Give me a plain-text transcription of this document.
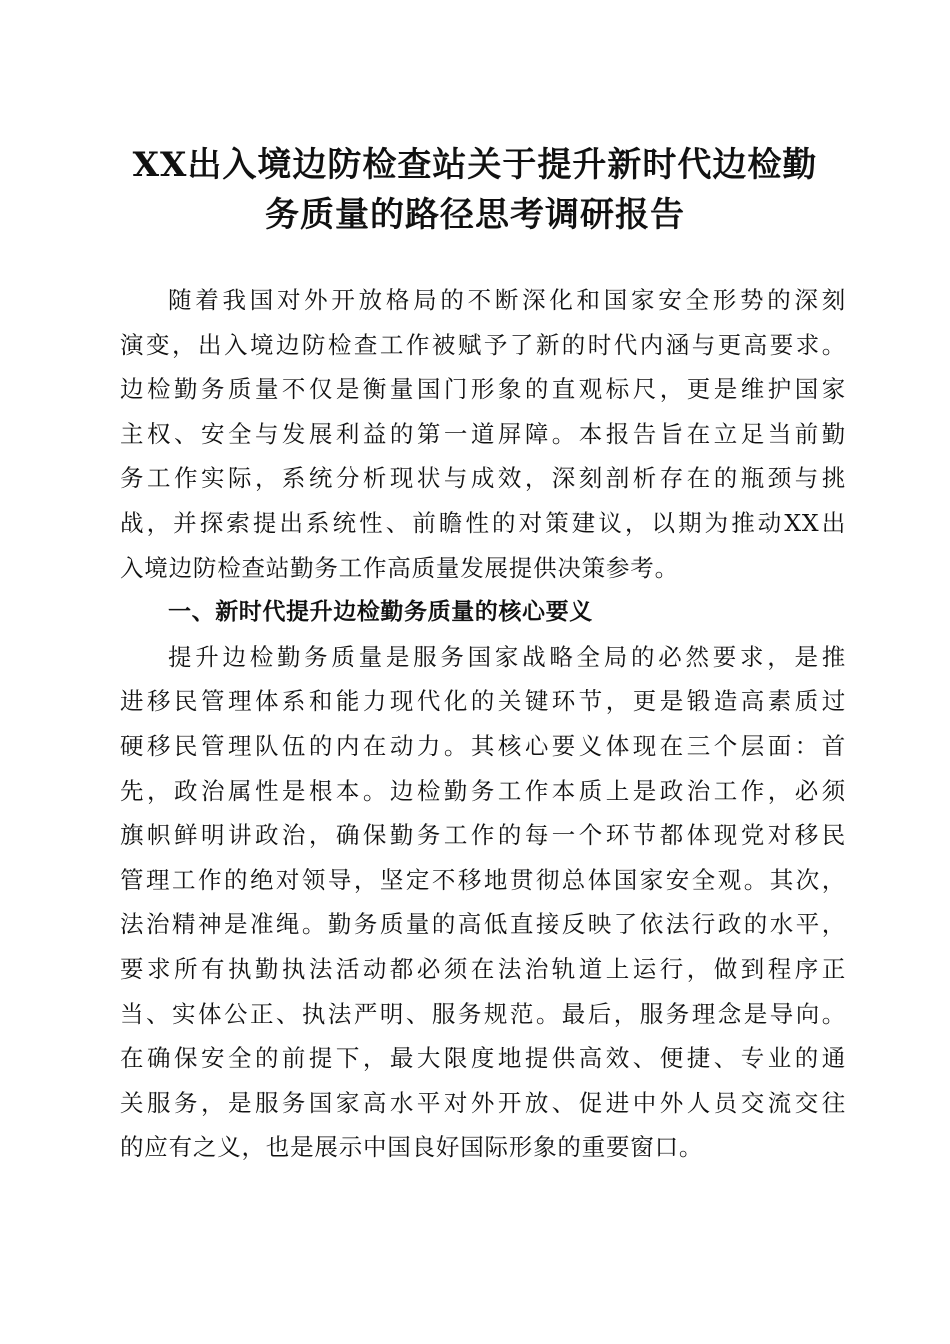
XX出入境边防检查站关于提升新时代边检勤
务质量的路径思考调研报告

随着我国对外开放格局的不断深化和国家安全形势的深刻
演变，出入境边防检查工作被赋予了新的时代内涵与更高要求。
边检勤务质量不仅是衡量国门形象的直观标尺，更是维护国家
主权、安全与发展利益的第一道屏障。本报告旨在立足当前勤
务工作实际，系统分析现状与成效，深刻剖析存在的瓶颈与挑
战，并探索提出系统性、前瞻性的对策建议，以期为推动XX出
入境边防检查站勤务工作高质量发展提供决策参考。

一、新时代提升边检勤务质量的核心要义

提升边检勤务质量是服务国家战略全局的必然要求，是推
进移民管理体系和能力现代化的关键环节，更是锻造高素质过
硬移民管理队伍的内在动力。其核心要义体现在三个层面：首
先，政治属性是根本。边检勤务工作本质上是政治工作，必须
旗帜鲜明讲政治，确保勤务工作的每一个环节都体现党对移民
管理工作的绝对领导，坚定不移地贯彻总体国家安全观。其次，
法治精神是准绳。勤务质量的高低直接反映了依法行政的水平，
要求所有执勤执法活动都必须在法治轨道上运行，做到程序正
当、实体公正、执法严明、服务规范。最后，服务理念是导向。
在确保安全的前提下，最大限度地提供高效、便捷、专业的通
关服务，是服务国家高水平对外开放、促进中外人员交流交往
的应有之义，也是展示中国良好国际形象的重要窗口。
